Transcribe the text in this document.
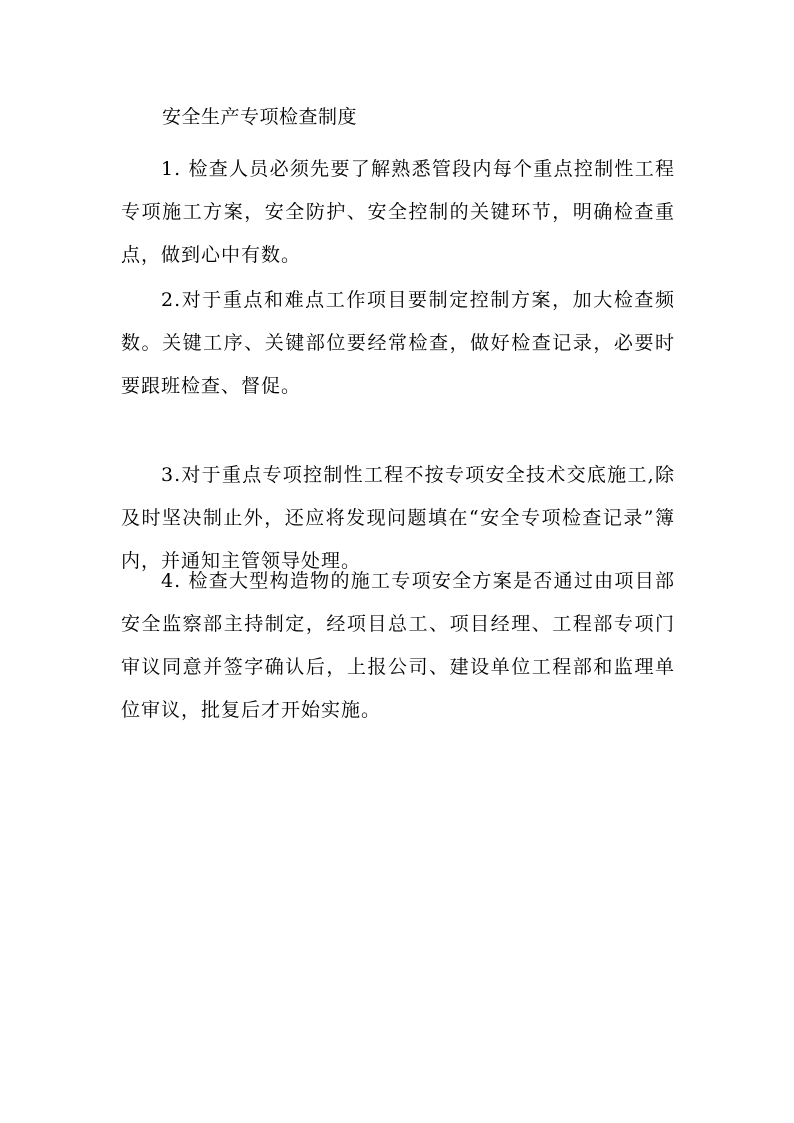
安全生产专项检查制度

1. 检查人员必须先要了解熟悉管段内每个重点控制性工程专项施工方案，安全防护、安全控制的关键环节，明确检查重点，做到心中有数。

2.对于重点和难点工作项目要制定控制方案，加大检查频数。关键工序、关键部位要经常检查，做好检查记录，必要时要跟班检查、督促。

3.对于重点专项控制性工程不按专项安全技术交底施工,除及时坚决制止外，还应将发现问题填在“安全专项检查记录”簿内，并通知主管领导处理。

4. 检查大型构造物的施工专项安全方案是否通过由项目部安全监察部主持制定，经项目总工、项目经理、工程部专项门审议同意并签字确认后，上报公司、建设单位工程部和监理单位审议，批复后才开始实施。
